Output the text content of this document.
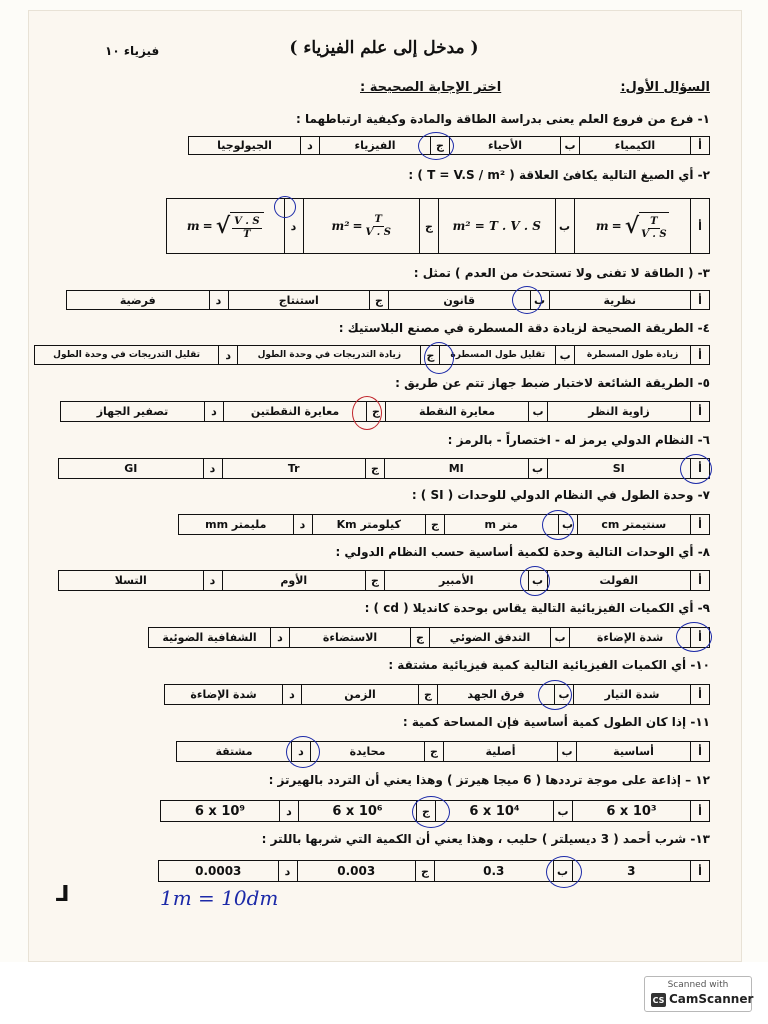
( مدخل إلى علم الفيزياء )
فيزياء ١٠
السؤال الأول:
اختر الإجابة الصحيحة :
١- فرع من فروع العلم يعنى بدراسة الطاقة والمادة وكيفية ارتباطهما :
أ
الكيمياء
ب
الأحياء
ج
الفيزياء
د
الجيولوجيا
٢- أي الصيغ التالية يكافئ العلاقة ( T = V.S / m² ) :
أ
m = √ $\frac{T}{V . S}$
ب
m² = T . V . S
ج
$m^2 = \frac{T}{V . S}$
د
m = √ $\frac{V . S}{T}$
٣- ( الطاقة لا تفنى ولا تستحدث من العدم ) تمثل :
أ
نظرية
ب
قانون
ج
استنتاج
د
فرضية
٤- الطريقة الصحيحة لزيادة دقة المسطرة في مصنع البلاستيك :
أ
زيادة طول المسطرة
ب
تقليل طول المسطرة
ج
زيادة التدريجات في وحدة الطول
د
تقليل التدريجات في وحدة الطول
٥- الطريقة الشائعة لاختبار ضبط جهاز تتم عن طريق :
أ
زاوية النظر
ب
معايرة النقطة
ج
معايرة النقطتين
د
تصفير الجهاز
٦- النظام الدولي يرمز له - اختصاراً - بالرمز :
أ
SI
ب
MI
ج
Tr
د
GI
٧- وحدة الطول في النظام الدولي للوحدات ( SI ) :
أ
سنتيمتر cm
ب
متر m
ج
كيلومتر Km
د
مليمتر mm
٨- أي الوحدات التالية وحدة لكمية أساسية حسب النظام الدولي :
أ
الفولت
ب
الأمبير
ج
الأوم
د
التسلا
٩- أي الكميات الفيزيائية التالية يقاس بوحدة كانديلا ( cd ) :
أ
شدة الإضاءة
ب
التدفق الضوئي
ج
الاستضاءة
د
الشفافية الضوئية
١٠- أي الكميات الفيزيائية التالية كمية فيزيائية مشتقة :
أ
شدة التيار
ب
فرق الجهد
ج
الزمن
د
شدة الإضاءة
١١- إذا كان الطول كمية أساسية فإن المساحة كمية :
أ
أساسية
ب
أصلية
ج
محايدة
د
مشتقة
١٢ – إذاعة على موجة ترددها ( 6 ميجا هيرتز ) وهذا يعني أن التردد بالهيرتز :
أ
6 x 10³
ب
6 x 10⁴
ج
6 x 10⁶
د
6 x 10⁹
١٣- شرب أحمد ( 3 ديسيلتر ) حليب ، وهذا يعني أن الكمية التي شربها باللتر :
أ
3
ب
0.3
ج
0.003
د
0.0003
1m = 10dm
⅃
Scanned with
CS CamScanner
